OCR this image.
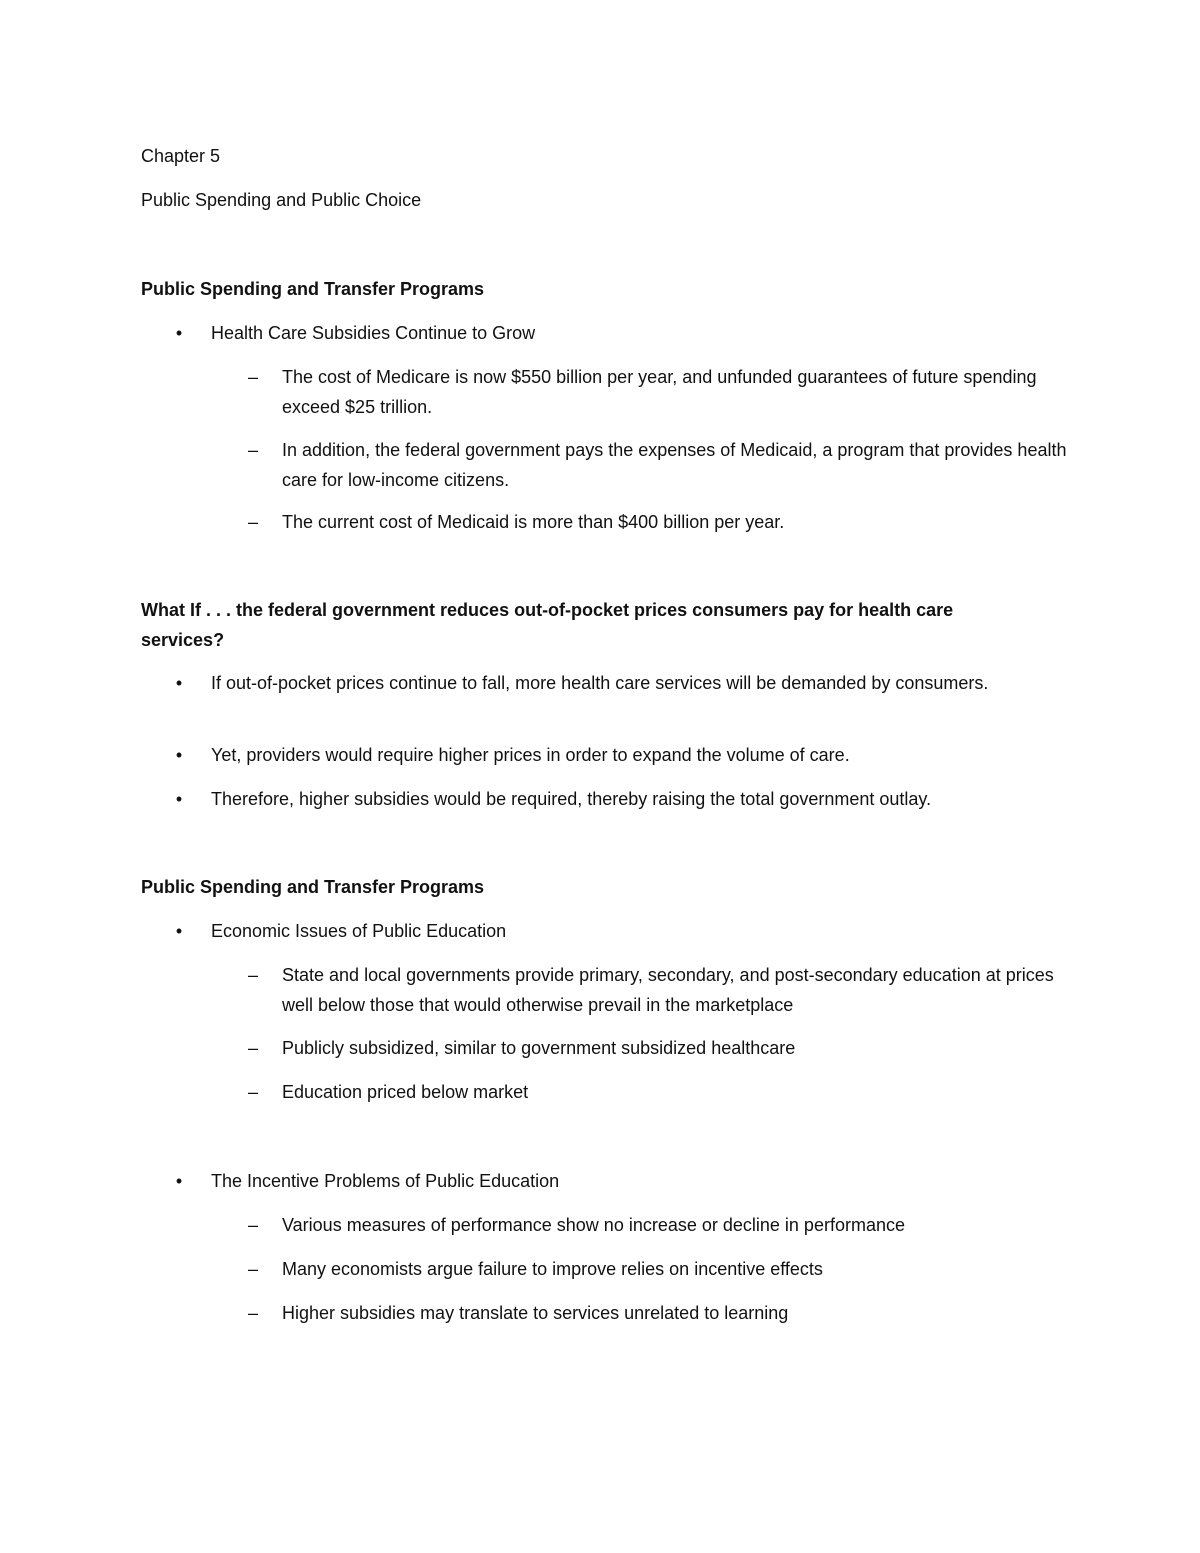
Chapter 5
Public Spending and Public Choice
Public Spending and Transfer Programs
• Health Care Subsidies Continue to Grow
– The cost of Medicare is now $550 billion per year, and unfunded guarantees of future spending exceed $25 trillion.
– In addition, the federal government pays the expenses of Medicaid, a program that provides health care for low-income citizens.
– The current cost of Medicaid is more than $400 billion per year.
What If . . . the federal government reduces out-of-pocket prices consumers pay for health care services?
• If out-of-pocket prices continue to fall, more health care services will be demanded by consumers.
• Yet, providers would require higher prices in order to expand the volume of care.
• Therefore, higher subsidies would be required, thereby raising the total government outlay.
Public Spending and Transfer Programs
• Economic Issues of Public Education
– State and local governments provide primary, secondary, and post-secondary education at prices well below those that would otherwise prevail in the marketplace
– Publicly subsidized, similar to government subsidized healthcare
– Education priced below market
• The Incentive Problems of Public Education
– Various measures of performance show no increase or decline in performance
– Many economists argue failure to improve relies on incentive effects
– Higher subsidies may translate to services unrelated to learning
